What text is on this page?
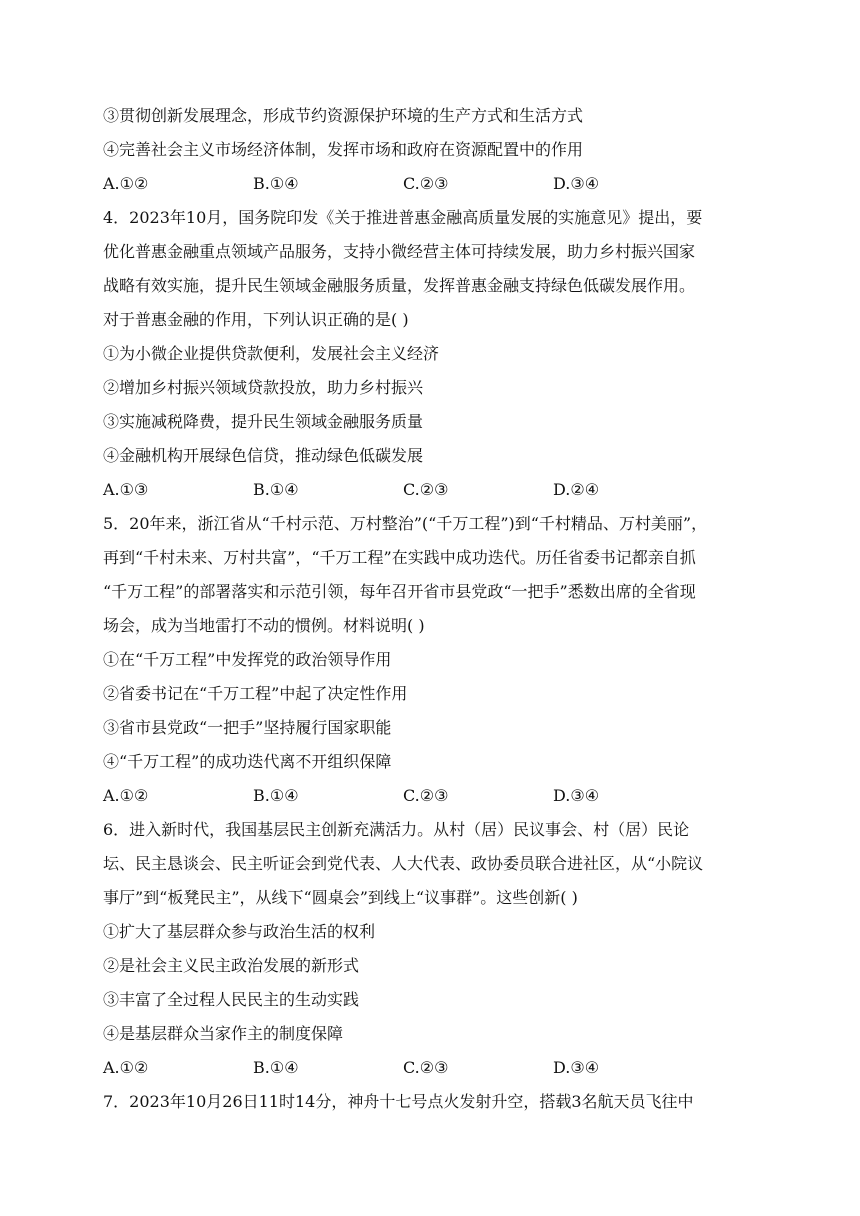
③贯彻创新发展理念，形成节约资源保护环境的生产方式和生活方式
④完善社会主义市场经济体制，发挥市场和政府在资源配置中的作用
A.①②	B.①④	C.②③	D.③④
4．2023年10月，国务院印发《关于推进普惠金融高质量发展的实施意见》提出，要
优化普惠金融重点领域产品服务，支持小微经营主体可持续发展，助力乡村振兴国家
战略有效实施，提升民生领域金融服务质量，发挥普惠金融支持绿色低碳发展作用。
对于普惠金融的作用，下列认识正确的是( )
①为小微企业提供贷款便利，发展社会主义经济
②增加乡村振兴领域贷款投放，助力乡村振兴
③实施减税降费，提升民生领域金融服务质量
④金融机构开展绿色信贷，推动绿色低碳发展
A.①③	B.①④	C.②③	D.②④
5．20年来，浙江省从“千村示范、万村整治”(“千万工程”)到“千村精品、万村美丽”，
再到“千村未来、万村共富”，“千万工程”在实践中成功迭代。历任省委书记都亲自抓
“千万工程”的部署落实和示范引领，每年召开省市县党政“一把手”悉数出席的全省现
场会，成为当地雷打不动的惯例。材料说明( )
①在“千万工程”中发挥党的政治领导作用
②省委书记在“千万工程”中起了决定性作用
③省市县党政“一把手”坚持履行国家职能
④“千万工程”的成功迭代离不开组织保障
A.①②	B.①④	C.②③	D.③④
6．进入新时代，我国基层民主创新充满活力。从村（居）民议事会、村（居）民论
坛、民主恳谈会、民主听证会到党代表、人大代表、政协委员联合进社区，从“小院议
事厅”到“板凳民主”，从线下“圆桌会”到线上“议事群”。这些创新( )
①扩大了基层群众参与政治生活的权利
②是社会主义民主政治发展的新形式
③丰富了全过程人民民主的生动实践
④是基层群众当家作主的制度保障
A.①②	B.①④	C.②③	D.③④
7．2023年10月26日11时14分，神舟十七号点火发射升空，搭载3名航天员飞往中
